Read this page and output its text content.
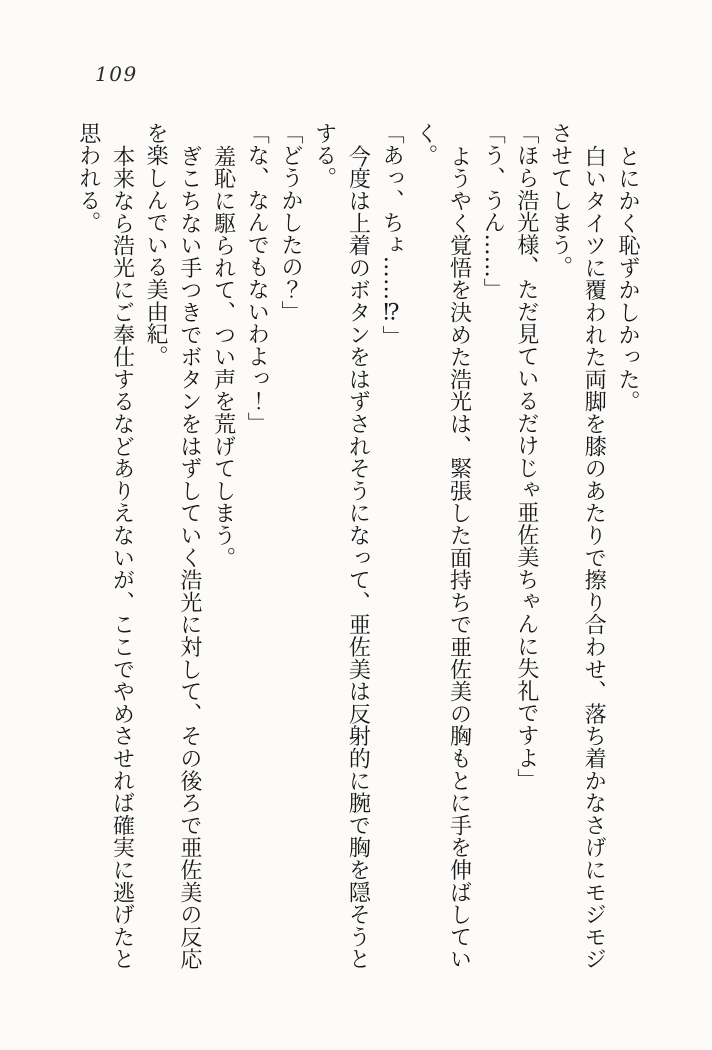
109

とにかく恥ずかしかった。

白いタイツに覆われた両脚を膝のあたりで擦り合わせ、落ち着かなさげにモジモジ

させてしまう。

「ほら浩光様、ただ見ているだけじゃ亜佐美ちゃんに失礼ですよ」

「う、うん……」

ようやく覚悟を決めた浩光は、緊張した面持ちで亜佐美の胸もとに手を伸ばしてい

く。

「あっ、ちょ……⁉」

今度は上着のボタンをはずされそうになって、亜佐美は反射的に腕で胸を隠そうと

する。

「どうかしたの？」

「な、なんでもないわよっ！」

羞恥に駆られて、つい声を荒げてしまう。

ぎこちない手つきでボタンをはずしていく浩光に対して、その後ろで亜佐美の反応

を楽しんでいる美由紀。

本来なら浩光にご奉仕するなどありえないが、ここでやめさせれば確実に逃げたと

思われる。
